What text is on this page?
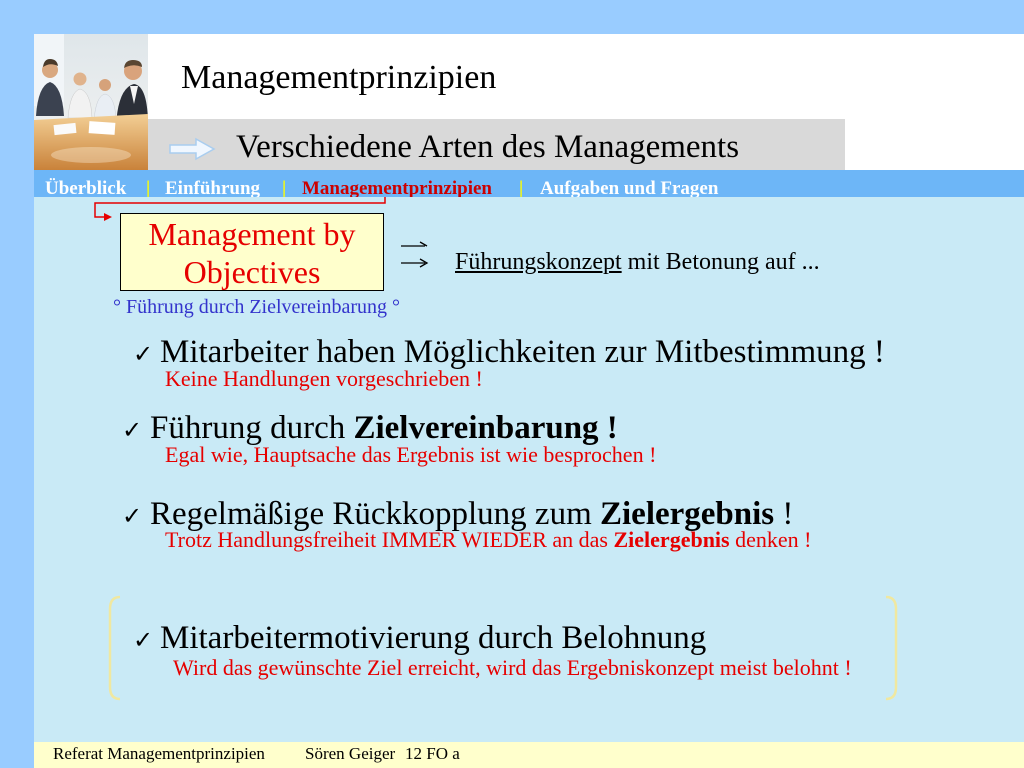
Managementprinzipien
Verschiedene Arten des Managements
Überblick | Einführung | Managementprinzipien | Aufgaben und Fragen
Management by
Objectives	Führungskonzept mit Betonung auf ...
° Führung durch Zielvereinbarung °
✓ Mitarbeiter haben Möglichkeiten zur Mitbestimmung !
Keine Handlungen vorgeschrieben !
✓ Führung durch Zielvereinbarung !
Egal wie, Hauptsache das Ergebnis ist wie besprochen !
✓ Regelmäßige Rückkopplung zum Zielergebnis !
Trotz Handlungsfreiheit IMMER WIEDER an das Zielergebnis denken !
✓ Mitarbeitermotivierung durch Belohnung
Wird das gewünschte Ziel erreicht, wird das Ergebniskonzept meist belohnt !
Referat Managementprinzipien Sören Geiger 12 FO a
